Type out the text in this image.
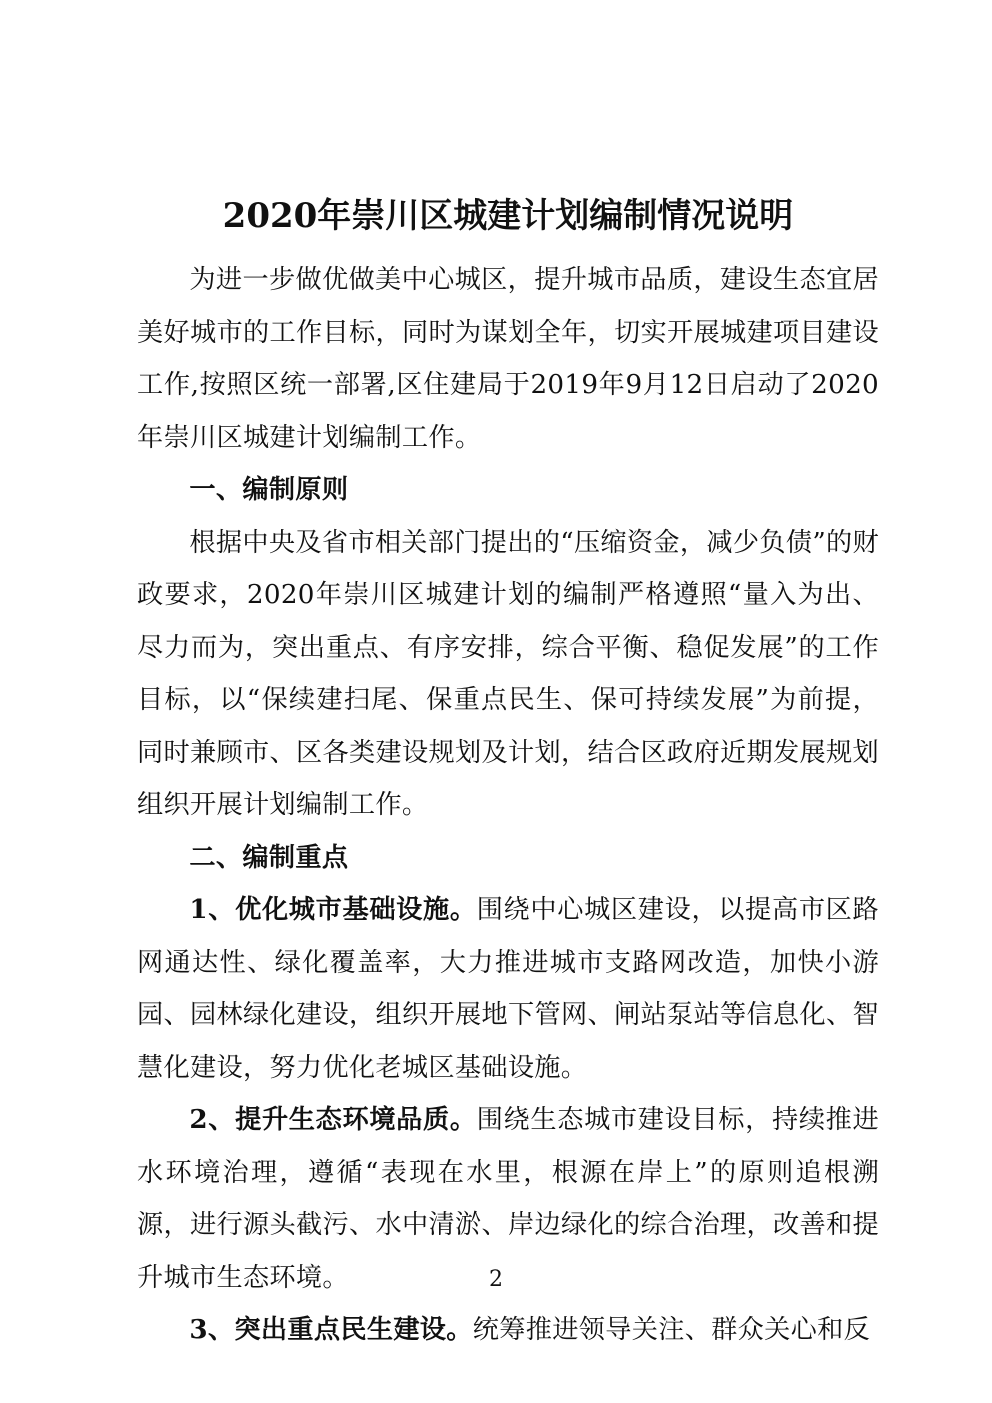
2020年崇川区城建计划编制情况说明

为进一步做优做美中心城区，提升城市品质，建设生态宜居美好城市的工作目标，同时为谋划全年，切实开展城建项目建设工作,按照区统一部署,区住建局于2019年9月12日启动了2020年崇川区城建计划编制工作。

一、编制原则

根据中央及省市相关部门提出的“压缩资金，减少负债”的财政要求，2020年崇川区城建计划的编制严格遵照“量入为出、尽力而为，突出重点、有序安排，综合平衡、稳促发展”的工作目标，以“保续建扫尾、保重点民生、保可持续发展”为前提，同时兼顾市、区各类建设规划及计划，结合区政府近期发展规划组织开展计划编制工作。

二、编制重点

1、优化城市基础设施。围绕中心城区建设，以提高市区路网通达性、绿化覆盖率，大力推进城市支路网改造，加快小游园、园林绿化建设，组织开展地下管网、闸站泵站等信息化、智慧化建设，努力优化老城区基础设施。

2、提升生态环境品质。围绕生态城市建设目标，持续推进水环境治理，遵循“表现在水里，根源在岸上”的原则追根溯源，进行源头截污、水中清淤、岸边绿化的综合治理，改善和提升城市生态环境。

3、突出重点民生建设。统筹推进领导关注、群众关心和反

2
